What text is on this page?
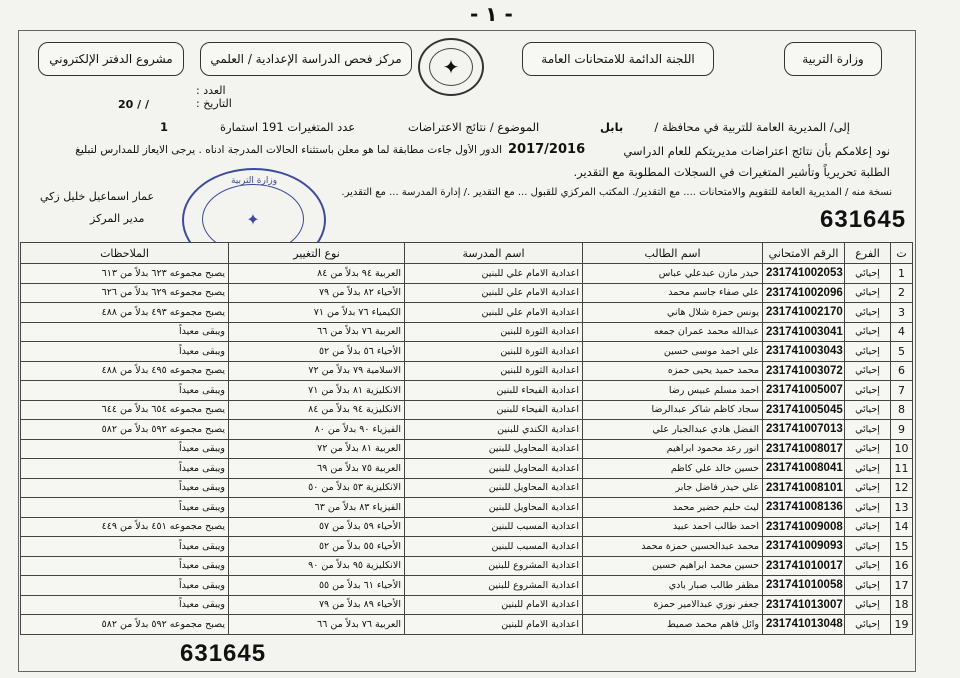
- ١ -
وزارة التربية
اللجنة الدائمة للامتحانات العامة
✦
مركز فحص الدراسة الإعدادية / العلمي
مشروع الدفتر الإلكتروني
العدد :
التاريخ :
20 / /
إلى/ المديرية العامة للتربية في محافظة /
بابل
الموضوع / نتائج الاعتراضات
عدد المتغيرات 191 استمارة
1
نود إعلامكم بأن نتائج اعتراضات مديريتكم للعام الدراسي
2017/2016
الدور الأول جاءت مطابقة لما هو معلن باستثناء الحالات المدرجة ادناه . يرجى الايعاز للمدارس لتبليغ
الطلبة تحريرياً وتأشير المتغيرات في السجلات المطلوبة مع التقدير.
نسخة منه / المديرية العامة للتقويم والامتحانات .... مع التقدير/. المكتب المركزي للقبول ... مع التقدير ./ إدارة المدرسة ... مع التقدير.
عمار اسماعيل خليل زكي
مدير المركز
وزارة التربية
✦	631645
ت	الفرع	الرقم الامتحاني	اسم الطالب	اسم المدرسة	نوع التغيير	الملاحظات
1	إحيائي	231741002053	حيدر مازن عبدعلي عباس	اعدادية الامام علي للبنين	العربية ٩٤ بدلاً من ٨٤	يصبح مجموعه ٦٢٣ بدلاً من ٦١٣
2	إحيائي	231741002096	علي صفاء جاسم محمد	اعدادية الامام علي للبنين	الأحياء ٨٢ بدلاً من ٧٩	يصبح مجموعه ٦٢٩ بدلاً من ٦٢٦
3	إحيائي	231741002170	يونس حمزة شلال هاني	اعدادية الامام علي للبنين	الكيمياء ٧٦ بدلاً من ٧١	يصبح مجموعه ٤٩٣ بدلاً من ٤٨٨
4	إحيائي	231741003041	عبدالله محمد عمران جمعه	اعدادية الثورة للبنين	العربية ٧٦ بدلاً من ٦٦	ويبقى معيداً
5	إحيائي	231741003043	علي احمد موسى حسين	اعدادية الثورة للبنين	الأحياء ٥٦ بدلاً من ٥٢	ويبقى معيداً
6	إحيائي	231741003072	محمد حميد يحيى حمزه	اعدادية الثورة للبنين	الاسلامية ٧٩ بدلاً من ٧٢	يصبح مجموعه ٤٩٥ بدلاً من ٤٨٨
7	إحيائي	231741005007	احمد مسلم عبيس رضا	اعدادية الفيحاء للبنين	الانكليزية ٨١ بدلاً من ٧١	ويبقى معيداً
8	إحيائي	231741005045	سجاد كاظم شاكر عبدالرضا	اعدادية الفيحاء للبنين	الانكليزية ٩٤ بدلاً من ٨٤	يصبح مجموعه ٦٥٤ بدلاً من ٦٤٤
9	إحيائي	231741007013	الفضل هادي عبدالجبار علي	اعدادية الكندي للبنين	الفيزياء ٩٠ بدلاً من ٨٠	يصبح مجموعه ٥٩٢ بدلاً من ٥٨٢
10	إحيائي	231741008017	انور رعد محمود ابراهيم	اعدادية المحاويل للبنين	العربية ٨١ بدلاً من ٧٢	ويبقى معيداً
11	إحيائي	231741008041	حسين خالد علي كاظم	اعدادية المحاويل للبنين	العربية ٧٥ بدلاً من ٦٩	ويبقى معيداً
12	إحيائي	231741008101	علي حيدر فاضل جابر	اعدادية المحاويل للبنين	الانكليزية ٥٣ بدلاً من ٥٠	ويبقى معيداً
13	إحيائي	231741008136	ليث حليم حضير محمد	اعدادية المحاويل للبنين	الفيزياء ٨٣ بدلاً من ٦٣	ويبقى معيداً
14	إحيائي	231741009008	احمد طالب احمد عبيد	اعدادية المسيب للبنين	الأحياء ٥٩ بدلاً من ٥٧	يصبح مجموعه ٤٥١ بدلاً من ٤٤٩
15	إحيائي	231741009093	محمد عبدالحسين حمزة محمد	اعدادية المسيب للبنين	الأحياء ٥٥ بدلاً من ٥٢	ويبقى معيداً
16	إحيائي	231741010017	حسين محمد ابراهيم حسين	اعدادية المشروع للبنين	الانكليزية ٩٥ بدلاً من ٩٠	ويبقى معيداً
17	إحيائي	231741010058	مظفر طالب صبار بادي	اعدادية المشروع للبنين	الأحياء ٦١ بدلاً من ٥٥	ويبقى معيداً
18	إحيائي	231741013007	جعفر نوري عبدالامير حمزة	اعدادية الامام للبنين	الأحياء ٨٩ بدلاً من ٧٩	ويبقى معيداً
19	إحيائي	231741013048	وائل فاهم محمد صميط	اعدادية الامام للبنين	العربية ٧٦ بدلاً من ٦٦	يصبح مجموعه ٥٩٢ بدلاً من ٥٨٢
631645
